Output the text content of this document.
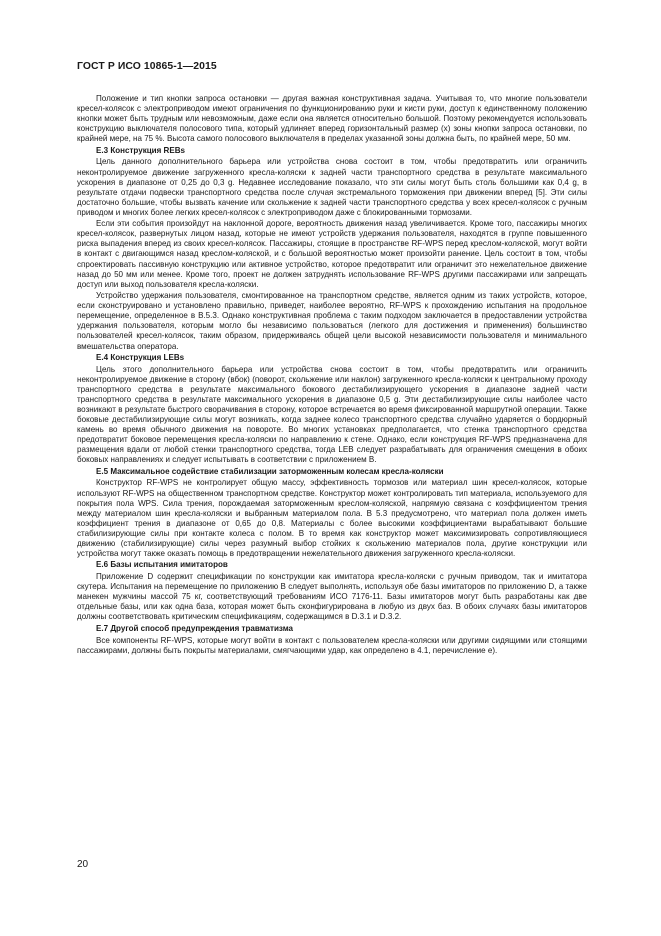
ГОСТ Р ИСО 10865-1—2015

Положение и тип кнопки запроса остановки — другая важная конструктивная задача. Учитывая то, что многие пользователи кресел-колясок с электроприводом имеют ограничения по функционированию руки и кисти руки, доступ к единственному положению кнопки может быть трудным или невозможным, даже если она является относительно большой. Поэтому рекомендуется использовать конструкцию выключателя полосового типа, который удлиняет вперед горизонтальный размер (x) зоны кнопки запроса остановки, по крайней мере, на 75 %. Высота самого полосового выключателя в пределах указанной зоны должна быть, по крайней мере, 50 мм.

Е.3 Конструкция REBs

Цель данного дополнительного барьера или устройства снова состоит в том, чтобы предотвратить или ограничить неконтролируемое движение загруженного кресла-коляски к задней части транспортного средства в результате максимального ускорения в диапазоне от 0,25 до 0,3 g. Недавнее исследование показало, что эти силы могут быть столь большими как 0,4 g, в результате отдачи подвески транспортного средства после случая экстремального торможения при движении вперед [5]. Эти силы достаточно большие, чтобы вызвать качение или скольжение к задней части транспортного средства у всех кресел-колясок с ручным приводом и многих более легких кресел-колясок с электроприводом даже с блокированными тормозами.

Если эти события произойдут на наклонной дороге, вероятность движения назад увеличивается. Кроме того, пассажиры многих кресел-колясок, развернутых лицом назад, которые не имеют устройств удержания пользователя, находятся в группе повышенного риска выпадения вперед из своих кресел-колясок. Пассажиры, стоящие в пространстве RF-WPS перед креслом-коляской, могут войти в контакт с двигающимся назад креслом-коляской, и с большой вероятностью может произойти ранение. Цель состоит в том, чтобы спроектировать пассивную конструкцию или активное устройство, которое предотвратит или ограничит это нежелательное движение назад до 50 мм или менее. Кроме того, проект не должен затруднять использование RF-WPS другими пассажирами или запрещать доступ или выход пользователя кресла-коляски.

Устройство удержания пользователя, смонтированное на транспортном средстве, является одним из таких устройств, которое, если сконструировано и установлено правильно, приведет, наиболее вероятно, RF-WPS к прохождению испытания на продольное перемещение, определенное в В.5.3. Однако конструктивная проблема с таким подходом заключается в предоставлении устройства удержания пользователя, которым могло бы независимо пользоваться (легкого для достижения и применения) большинство пользователей кресел-колясок, таким образом, придерживаясь общей цели высокой независимости пользователя и минимального вмешательства оператора.

Е.4 Конструкция LEBs

Цель этого дополнительного барьера или устройства снова состоит в том, чтобы предотвратить или ограничить неконтролируемое движение в сторону (вбок) (поворот, скольжение или наклон) загруженного кресла-коляски к центральному проходу транспортного средства в результате максимального бокового дестабилизирующего ускорения в диапазоне задней части транспортного средства в результате максимального ускорения в диапазоне 0,5 g. Эти дестабилизирующие силы наиболее часто возникают в результате быстрого сворачивания в сторону, которое встречается во время фиксированной маршрутной операции. Также боковые дестабилизирующие силы могут возникать, когда заднее колесо транспортного средства случайно ударяется о бордюрный камень во время обычного движения на повороте. Во многих установках предполагается, что стенка транспортного средства предотвратит боковое перемещения кресла-коляски по направлению к стене. Однако, если конструкция RF-WPS предназначена для размещения вдали от любой стенки транспортного средства, тогда LEB следует разрабатывать для ограничения смещения в обоих боковых направлениях и следует испытывать в соответствии с приложением В.

Е.5 Максимальное содействие стабилизации заторможенным колесам кресла-коляски

Конструктор RF-WPS не контролирует общую массу, эффективность тормозов или материал шин кресел-колясок, которые используют RF-WPS на общественном транспортном средстве. Конструктор может контролировать тип материала, используемого для покрытия пола WPS. Сила трения, порождаемая заторможенным креслом-коляской, напрямую связана с коэффициентом трения между материалом шин кресла-коляски и выбранным материалом пола. В 5.3 предусмотрено, что материал пола должен иметь коэффициент трения в диапазоне от 0,65 до 0,8. Материалы с более высокими коэффициентами вырабатывают большие стабилизирующие силы при контакте колеса с полом. В то время как конструктор может максимизировать сопротивляющиеся движению (стабилизирующие) силы через разумный выбор стойких к скольжению материалов пола, другие конструкции или устройства могут также оказать помощь в предотвращении нежелательного движения загруженного кресла-коляски.

Е.6 Базы испытания имитаторов

Приложение D содержит спецификации по конструкции как имитатора кресла-коляски с ручным приводом, так и имитатора скутера. Испытания на перемещение по приложению В следует выполнять, используя обе базы имитаторов по приложению D, а также манекен мужчины массой 75 кг, соответствующий требованиям ИСО 7176-11. Базы имитаторов могут быть разработаны как две отдельные базы, или как одна база, которая может быть сконфигурирована в любую из двух баз. В обоих случаях базы имитаторов должны соответствовать критическим спецификациям, содержащимся в D.3.1 и D.3.2.

Е.7 Другой способ предупреждения травматизма

Все компоненты RF-WPS, которые могут войти в контакт с пользователем кресла-коляски или другими сидящими или стоящими пассажирами, должны быть покрыты материалами, смягчающими удар, как определено в 4.1, перечисление е).

20
